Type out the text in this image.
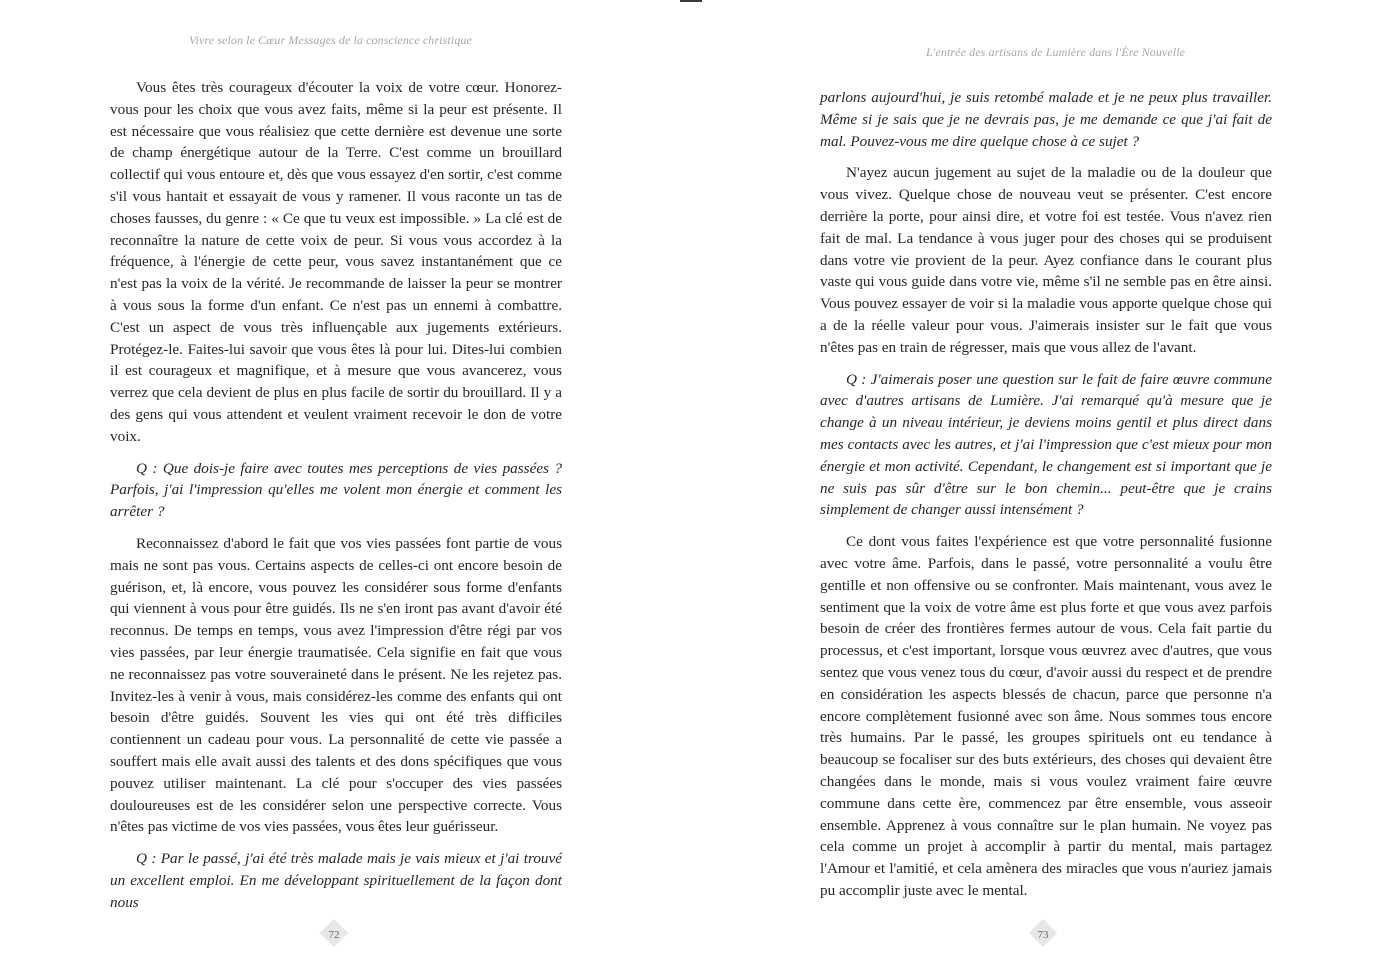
Vivre selon le Cœur Messages de la conscience christique

Vous êtes très courageux d'écouter la voix de votre cœur. Honorez-vous pour les choix que vous avez faits, même si la peur est présente. Il est nécessaire que vous réalisiez que cette dernière est devenue une sorte de champ énergétique autour de la Terre. C'est comme un brouillard collectif qui vous entoure et, dès que vous essayez d'en sortir, c'est comme s'il vous hantait et essayait de vous y ramener. Il vous raconte un tas de choses fausses, du genre : « Ce que tu veux est impossible. » La clé est de reconnaître la nature de cette voix de peur. Si vous vous accordez à la fréquence, à l'énergie de cette peur, vous savez instantanément que ce n'est pas la voix de la vérité. Je recommande de laisser la peur se montrer à vous sous la forme d'un enfant. Ce n'est pas un ennemi à combattre. C'est un aspect de vous très influençable aux jugements extérieurs. Protégez-le. Faites-lui savoir que vous êtes là pour lui. Dites-lui combien il est courageux et magnifique, et à mesure que vous avancerez, vous verrez que cela devient de plus en plus facile de sortir du brouillard. Il y a des gens qui vous attendent et veulent vraiment recevoir le don de votre voix.

Q : Que dois-je faire avec toutes mes perceptions de vies passées ? Parfois, j'ai l'impression qu'elles me volent mon énergie et comment les arrêter ?

Reconnaissez d'abord le fait que vos vies passées font partie de vous mais ne sont pas vous. Certains aspects de celles-ci ont encore besoin de guérison, et, là encore, vous pouvez les considérer sous forme d'enfants qui viennent à vous pour être guidés. Ils ne s'en iront pas avant d'avoir été reconnus. De temps en temps, vous avez l'impression d'être régi par vos vies passées, par leur énergie traumatisée. Cela signifie en fait que vous ne reconnaissez pas votre souveraineté dans le présent. Ne les rejetez pas. Invitez-les à venir à vous, mais considérez-les comme des enfants qui ont besoin d'être guidés. Souvent les vies qui ont été très difficiles contiennent un cadeau pour vous. La personnalité de cette vie passée a souffert mais elle avait aussi des talents et des dons spécifiques que vous pouvez utiliser maintenant. La clé pour s'occuper des vies passées douloureuses est de les considérer selon une perspective correcte. Vous n'êtes pas victime de vos vies passées, vous êtes leur guérisseur.

Q : Par le passé, j'ai été très malade mais je vais mieux et j'ai trouvé un excellent emploi. En me développant spirituellement de la façon dont nous

72
L'entrée des artisans de Lumière dans l'Ère Nouvelle

parlons aujourd'hui, je suis retombé malade et je ne peux plus travailler. Même si je sais que je ne devrais pas, je me demande ce que j'ai fait de mal. Pouvez-vous me dire quelque chose à ce sujet ?

N'ayez aucun jugement au sujet de la maladie ou de la douleur que vous vivez. Quelque chose de nouveau veut se présenter. C'est encore derrière la porte, pour ainsi dire, et votre foi est testée. Vous n'avez rien fait de mal. La tendance à vous juger pour des choses qui se produisent dans votre vie provient de la peur. Ayez confiance dans le courant plus vaste qui vous guide dans votre vie, même s'il ne semble pas en être ainsi. Vous pouvez essayer de voir si la maladie vous apporte quelque chose qui a de la réelle valeur pour vous. J'aimerais insister sur le fait que vous n'êtes pas en train de régresser, mais que vous allez de l'avant.

Q : J'aimerais poser une question sur le fait de faire œuvre commune avec d'autres artisans de Lumière. J'ai remarqué qu'à mesure que je change à un niveau intérieur, je deviens moins gentil et plus direct dans mes contacts avec les autres, et j'ai l'impression que c'est mieux pour mon énergie et mon activité. Cependant, le changement est si important que je ne suis pas sûr d'être sur le bon chemin... peut-être que je crains simplement de changer aussi intensément ?

Ce dont vous faites l'expérience est que votre personnalité fusionne avec votre âme. Parfois, dans le passé, votre personnalité a voulu être gentille et non offensive ou se confronter. Mais maintenant, vous avez le sentiment que la voix de votre âme est plus forte et que vous avez parfois besoin de créer des frontières fermes autour de vous. Cela fait partie du processus, et c'est important, lorsque vous œuvrez avec d'autres, que vous sentez que vous venez tous du cœur, d'avoir aussi du respect et de prendre en considération les aspects blessés de chacun, parce que personne n'a encore complètement fusionné avec son âme. Nous sommes tous encore très humains. Par le passé, les groupes spirituels ont eu tendance à beaucoup se focaliser sur des buts extérieurs, des choses qui devaient être changées dans le monde, mais si vous voulez vraiment faire œuvre commune dans cette ère, commencez par être ensemble, vous asseoir ensemble. Apprenez à vous connaître sur le plan humain. Ne voyez pas cela comme un projet à accomplir à partir du mental, mais partagez l'Amour et l'amitié, et cela amènera des miracles que vous n'auriez jamais pu accomplir juste avec le mental.

73
